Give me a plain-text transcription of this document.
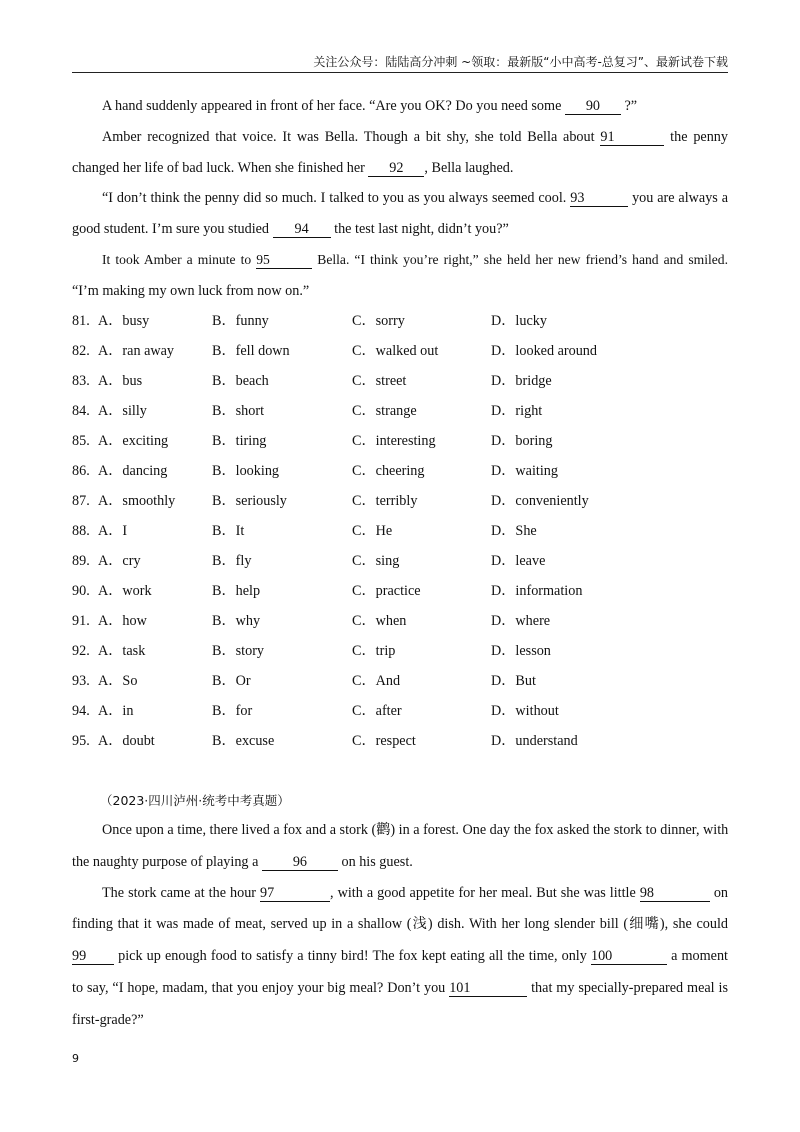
关注公众号：陆陆高分冲刺 ~领取：最新版“小中高考-总复习”、最新试卷下载
A hand suddenly appeared in front of her face. “Are you OK? Do you need some 90 ?”
Amber recognized that voice. It was Bella. Though a bit shy, she told Bella about 91	the penny
changed her life of bad luck. When she finished her 92 , Bella laughed.
“I don’t think the penny did so much. I talked to you as you always seemed cool. 93	you are always a
good student. I’m sure you studied 94 the test last night, didn’t you?”
It took Amber a minute to 95	Bella. “I think you’re right,” she held her new friend’s hand and smiled.
“I’m making my own luck from now on.”
81. A．busy	B．funny	C．sorry	D．lucky
82. A．ran away	B．fell down	C．walked out	D．looked around
83. A．bus	B．beach	C．street	D．bridge
84. A．silly	B．short	C．strange	D．right
85. A．exciting	B．tiring	C．interesting	D．boring
86. A．dancing	B．looking	C．cheering	D．waiting
87. A．smoothly	B．seriously	C．terribly	D．conveniently
88. A．I	B．It	C．He	D．She
89. A．cry	B．fly	C．sing	D．leave
90. A．work	B．help	C．practice	D．information
91. A．how	B．why	C．when	D．where
92. A．task	B．story	C．trip	D．lesson
93. A．So	B．Or	C．And	D．But
94. A．in	B．for	C．after	D．without
95. A．doubt	B．excuse	C．respect	D．understand
（2023·四川泸州·统考中考真题）
Once upon a time, there lived a fox and a stork (鹳) in a forest. One day the fox asked the stork to dinner, with
the naughty purpose of playing a 96 on his guest.
The stork came at the hour 97	, with a good appetite for her meal. But she was little 98	on
finding that it was made of meat, served up in a shallow (浅) dish. With her long slender bill (细嘴), she could
99 pick up enough food to satisfy a tinny bird! The fox kept eating all the time, only 100	a moment
to say, “I hope, madam, that you enjoy your big meal? Don’t you 101	that my specially-prepared meal is
first-grade?”
9
